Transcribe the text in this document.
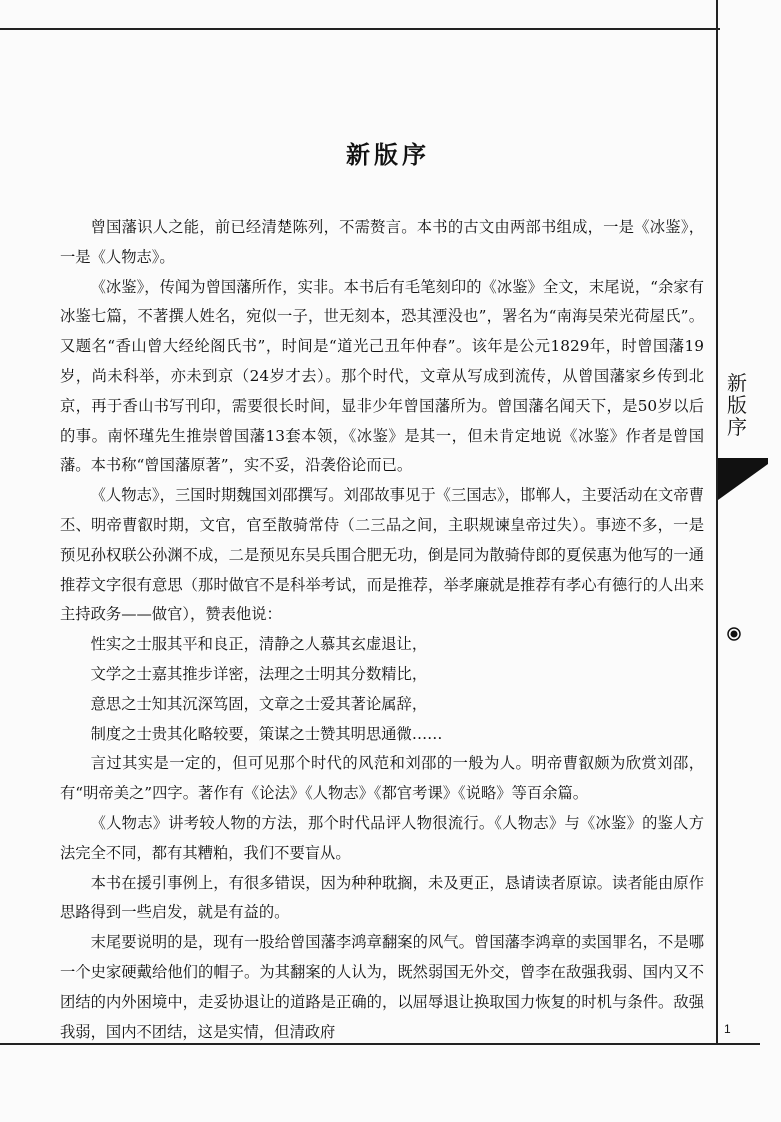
新
版
序
1
新版序

曾国藩识人之能，前已经清楚陈列，不需赘言。本书的古文由两部书组成，一是《冰鉴》，一是《人物志》。

《冰鉴》，传闻为曾国藩所作，实非。本书后有毛笔刻印的《冰鉴》全文，末尾说，“余家有冰鉴七篇，不著撰人姓名，宛似一子，世无刻本，恐其湮没也”，署名为“南海吴荣光荷屋氏”。又题名“香山曾大经纶阁氏书”，时间是“道光己丑年仲春”。该年是公元1829年，时曾国藩19岁，尚未科举，亦未到京（24岁才去）。那个时代，文章从写成到流传，从曾国藩家乡传到北京，再于香山书写刊印，需要很长时间，显非少年曾国藩所为。曾国藩名闻天下，是50岁以后的事。南怀瑾先生推崇曾国藩13套本领，《冰鉴》是其一，但未肯定地说《冰鉴》作者是曾国藩。本书称“曾国藩原著”，实不妥，沿袭俗论而已。

《人物志》，三国时期魏国刘邵撰写。刘邵故事见于《三国志》，邯郸人，主要活动在文帝曹丕、明帝曹叡时期，文官，官至散骑常侍（二三品之间，主职规谏皇帝过失）。事迹不多，一是预见孙权联公孙渊不成，二是预见东吴兵围合肥无功，倒是同为散骑侍郎的夏侯惠为他写的一通推荐文字很有意思（那时做官不是科举考试，而是推荐，举孝廉就是推荐有孝心有德行的人出来主持政务——做官），赞表他说：

性实之士服其平和良正，清静之人慕其玄虚退让，

文学之士嘉其推步详密，法理之士明其分数精比，

意思之士知其沉深笃固，文章之士爱其著论属辞，

制度之士贵其化略较要，策谋之士赞其明思通微……

言过其实是一定的，但可见那个时代的风范和刘邵的一般为人。明帝曹叡颇为欣赏刘邵，有“明帝美之”四字。著作有《论法》《人物志》《都官考课》《说略》等百余篇。

《人物志》讲考较人物的方法，那个时代品评人物很流行。《人物志》与《冰鉴》的鉴人方法完全不同，都有其糟粕，我们不要盲从。

本书在援引事例上，有很多错误，因为种种耽搁，未及更正，恳请读者原谅。读者能由原作思路得到一些启发，就是有益的。

末尾要说明的是，现有一股给曾国藩李鸿章翻案的风气。曾国藩李鸿章的卖国罪名，不是哪一个史家硬戴给他们的帽子。为其翻案的人认为，既然弱国无外交，曾李在敌强我弱、国内又不团结的内外困境中，走妥协退让的道路是正确的，以屈辱退让换取国力恢复的时机与条件。敌强我弱，国内不团结，这是实情，但清政府
